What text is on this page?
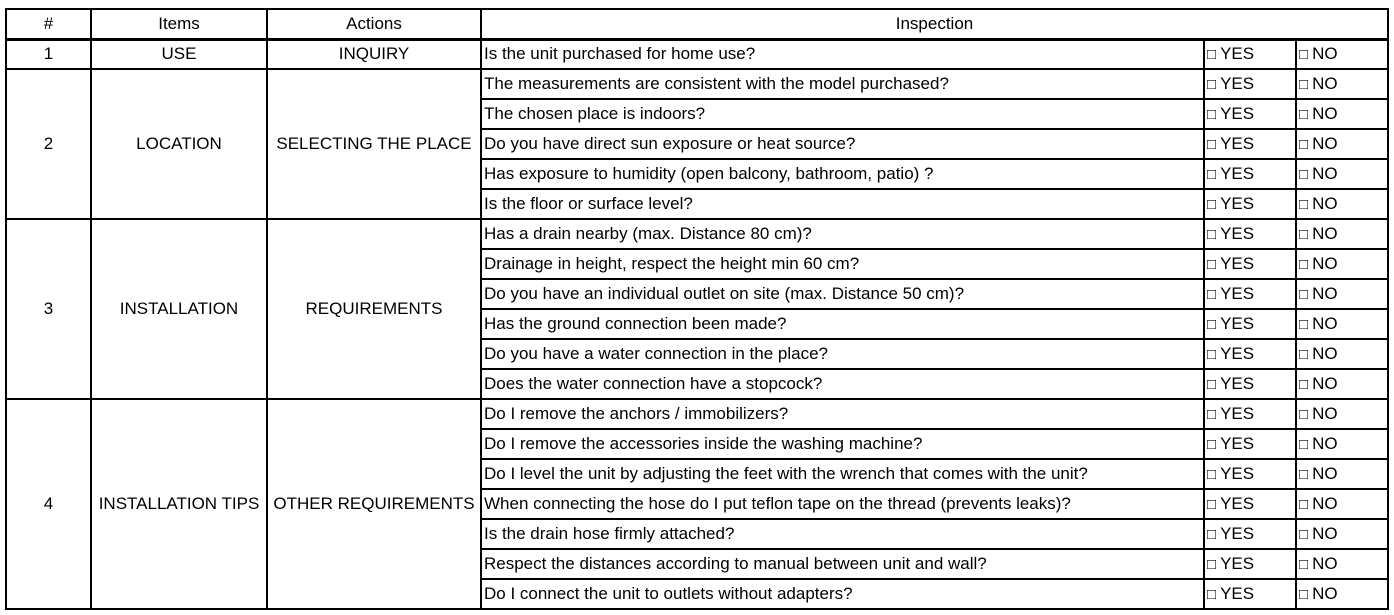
#	Items	Actions	Inspection		
1	USE	INQUIRY	Is the unit purchased for home use?	□ YES	□ NO
2	LOCATION	SELECTING THE PLACE	The measurements are consistent with the model purchased?	□ YES	□ NO
			The chosen place is indoors?	□ YES	□ NO
			Do you have direct sun exposure or heat source?	□ YES	□ NO
			Has exposure to humidity (open balcony, bathroom, patio) ?	□ YES	□ NO
			Is the floor or surface level?	□ YES	□ NO
3	INSTALLATION	REQUIREMENTS	Has a drain nearby (max. Distance 80 cm)?	□ YES	□ NO
			Drainage in height, respect the height min 60 cm?	□ YES	□ NO
			Do you have an individual outlet on site (max. Distance 50 cm)?	□ YES	□ NO
			Has the ground connection been made?	□ YES	□ NO
			Do you have a water connection in the place?	□ YES	□ NO
			Does the water connection have a stopcock?	□ YES	□ NO
4	INSTALLATION TIPS	OTHER REQUIREMENTS	Do I remove the anchors / immobilizers?	□ YES	□ NO
			Do I remove the accessories inside the washing machine?	□ YES	□ NO
			Do I level the unit by adjusting the feet with the wrench that comes with the unit?	□ YES	□ NO
			When connecting the hose do I put teflon tape on the thread (prevents leaks)?	□ YES	□ NO
			Is the drain hose firmly attached?	□ YES	□ NO
			Respect the distances according to manual between unit and wall?	□ YES	□ NO
			Do I connect the unit to outlets without adapters?	□ YES	□ NO
